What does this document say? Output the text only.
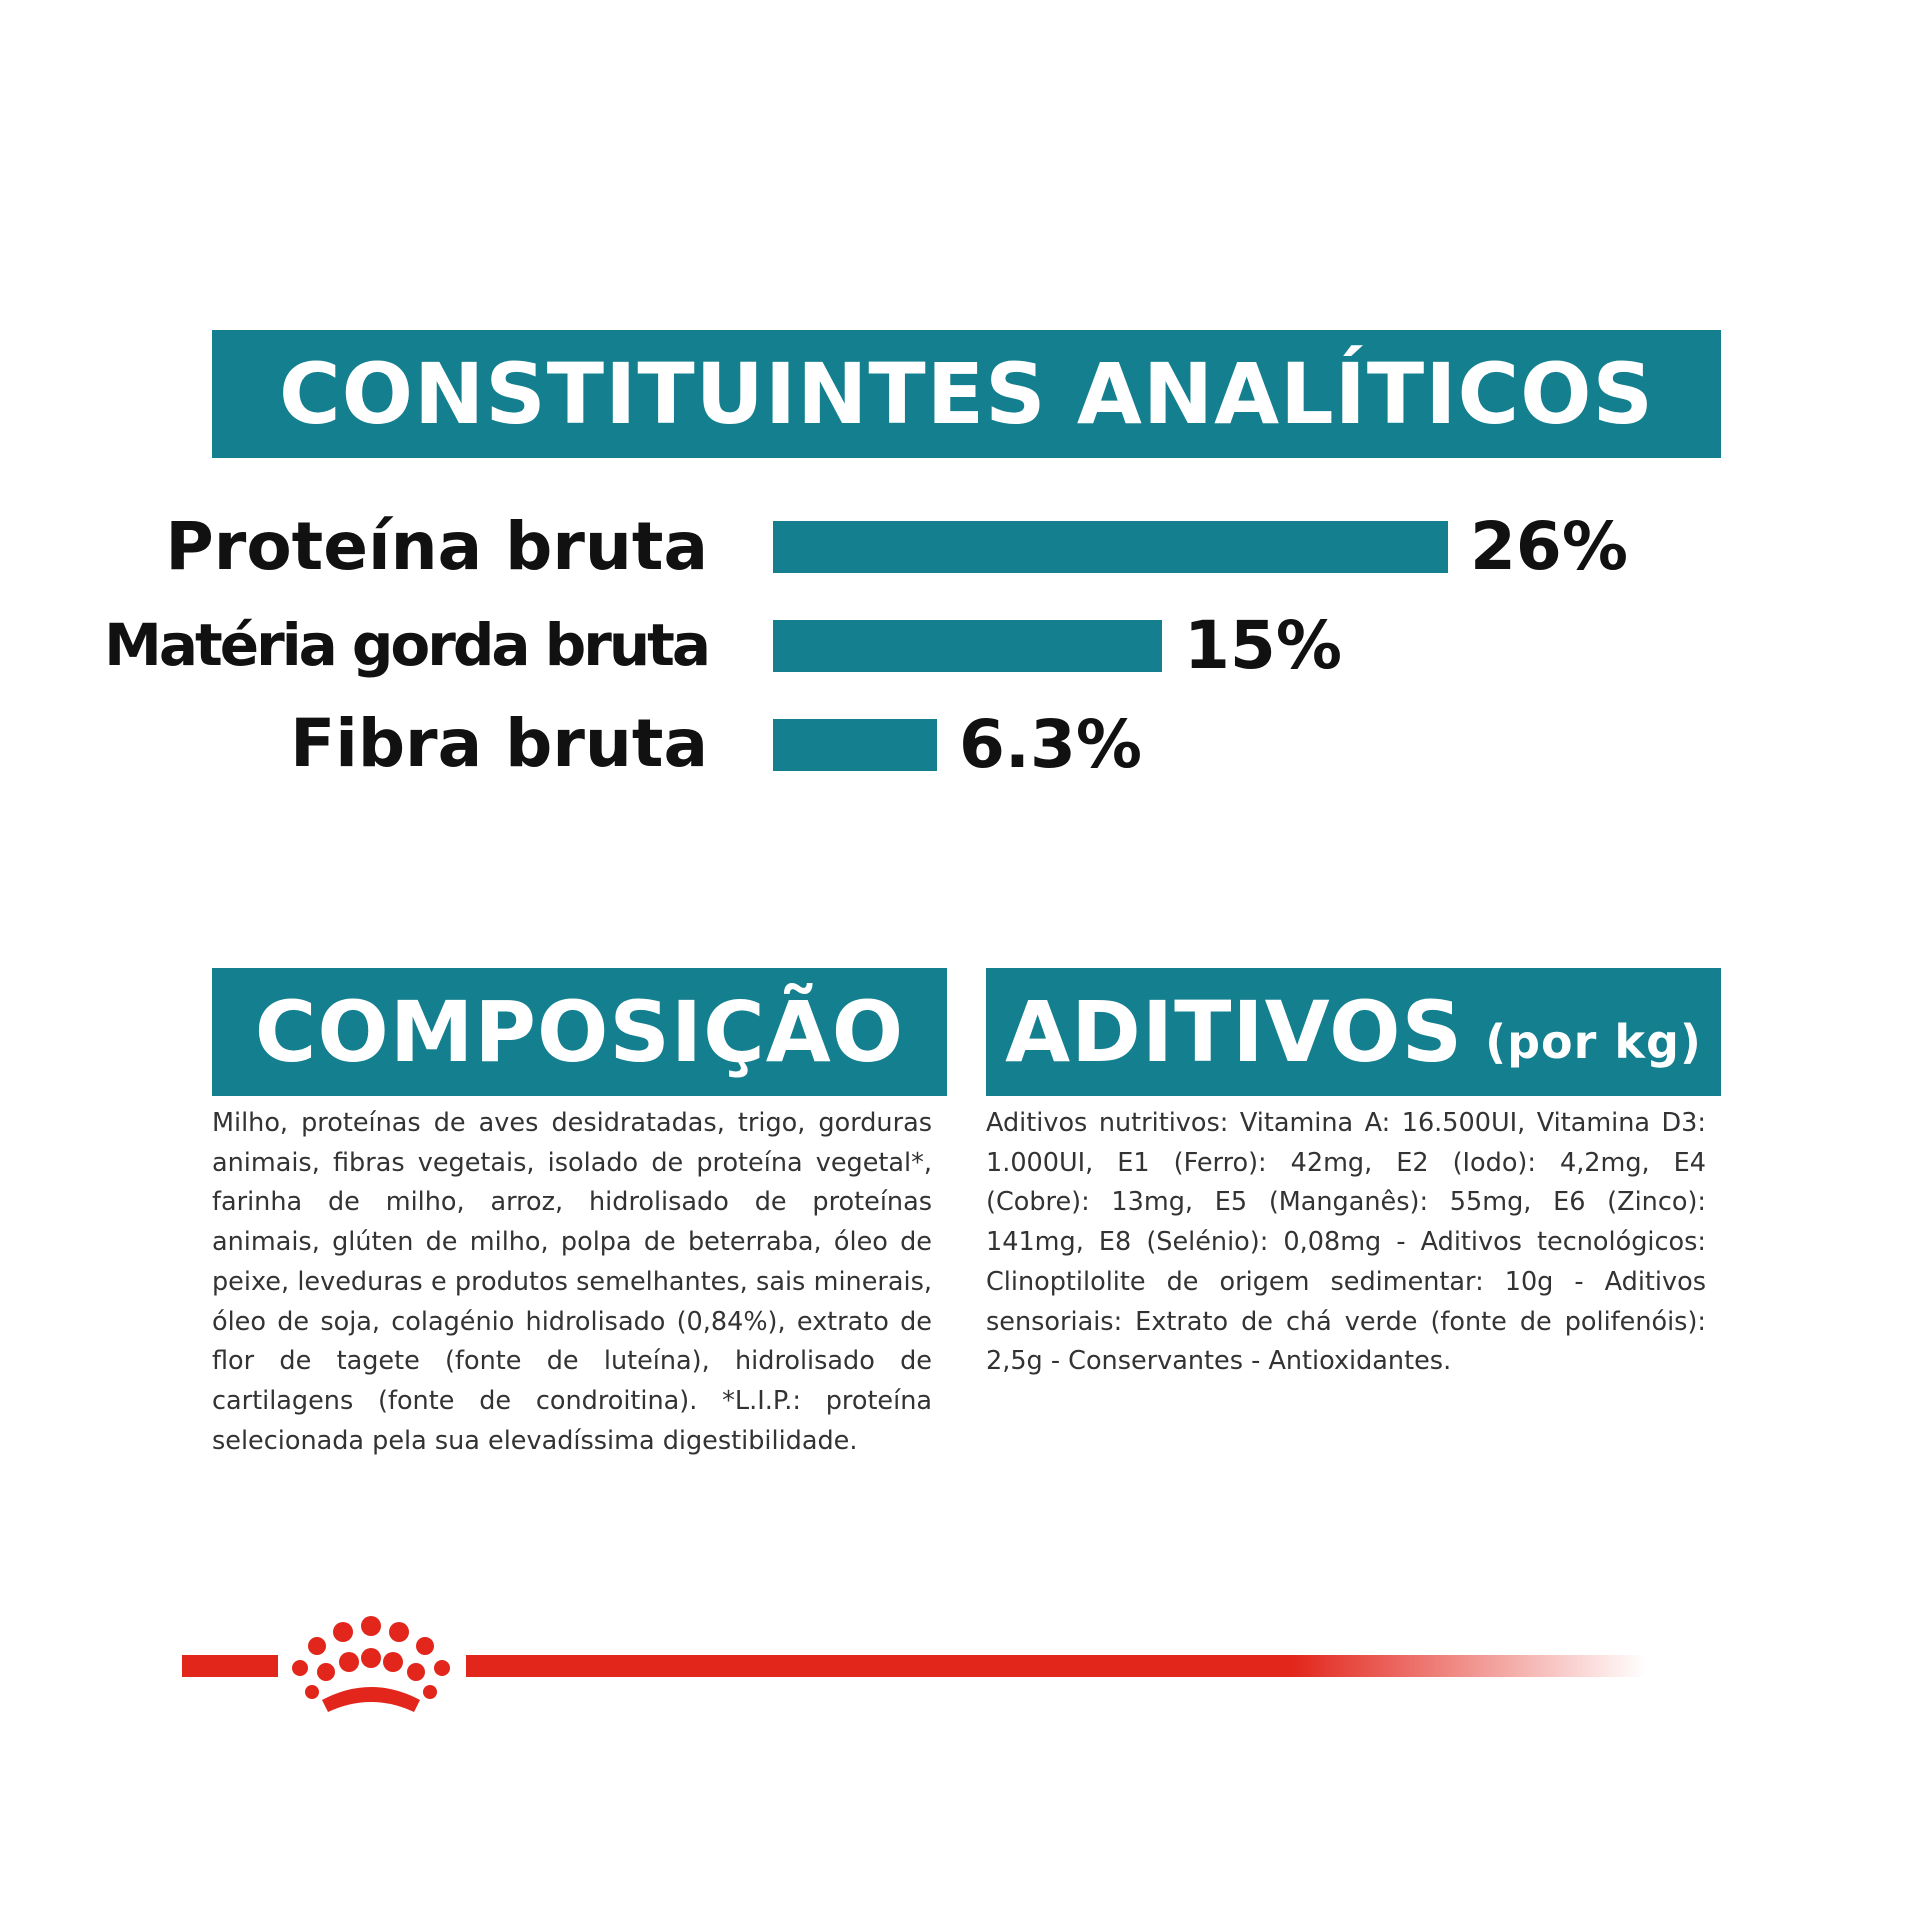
CONSTITUINTES ANALÍTICOS
Proteína bruta	26%
Matéria gorda bruta	15%
Fibra bruta	6.3%
COMPOSIÇÃO
Milho, proteínas de aves desidratadas, trigo, gorduras animais, fibras vegetais, isolado de proteína vegetal*, farinha de milho, arroz, hidrolisado de proteínas animais, glúten de milho, polpa de beterraba, óleo de peixe, leveduras e produtos semelhantes, sais minerais, óleo de soja, colagénio hidrolisado (0,84%), extrato de flor de tagete (fonte de luteína), hidrolisado de cartilagens (fonte de condroitina). *L.I.P.: proteína selecionada pela sua elevadíssima digestibilidade.
ADITIVOS (por kg)
Aditivos nutritivos: Vitamina A: 16.500UI, Vitamina D3: 1.000UI, E1 (Ferro): 42mg, E2 (Iodo): 4,2mg, E4 (Cobre): 13mg, E5 (Manganês): 55mg, E6 (Zinco): 141mg, E8 (Selénio): 0,08mg - Aditivos tecnológicos: Clinoptilolite de origem sedimentar: 10g - Aditivos sensoriais: Extrato de chá verde (fonte de polifenóis): 2,5g - Conservantes - Antioxidantes.
